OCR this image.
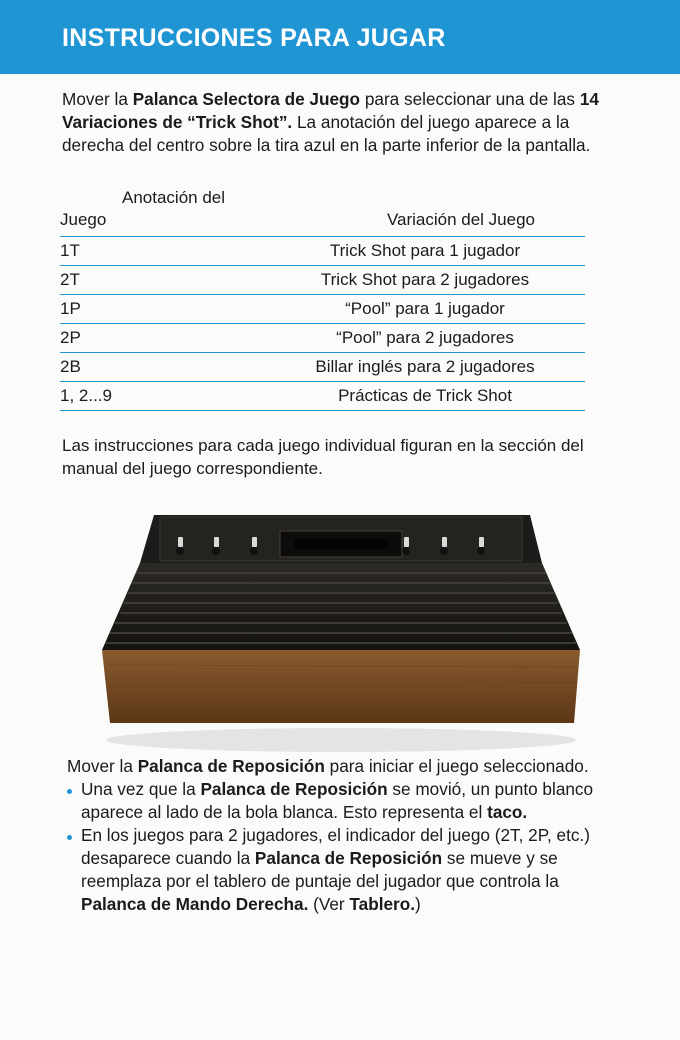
INSTRUCCIONES PARA JUGAR
Mover la Palanca Selectora de Juego para seleccionar una de las 14 Variaciones de “Trick Shot”. La anotación del juego aparece a la derecha del centro sobre la tira azul en la parte inferior de la pantalla.
Anotación del
Juego	Variación del Juego
1T	Trick Shot para 1 jugador
2T	Trick Shot para 2 jugadores
1P	“Pool” para 1 jugador
2P	“Pool” para 2 jugadores
2B	Billar inglés para 2 jugadores
1, 2...9	Prácticas de Trick Shot
Las instrucciones para cada juego individual figuran en la sección del manual del juego correspondiente.
Mover la Palanca de Reposición para iniciar el juego seleccionado.
Una vez que la Palanca de Reposición se movió, un punto blanco aparece al lado de la bola blanca. Esto representa el taco.
En los juegos para 2 jugadores, el indicador del juego (2T, 2P, etc.) desaparece cuando la Palanca de Reposición se mueve y se reemplaza por el tablero de puntaje del jugador que controla la Palanca de Mando Derecha. (Ver Tablero.)
